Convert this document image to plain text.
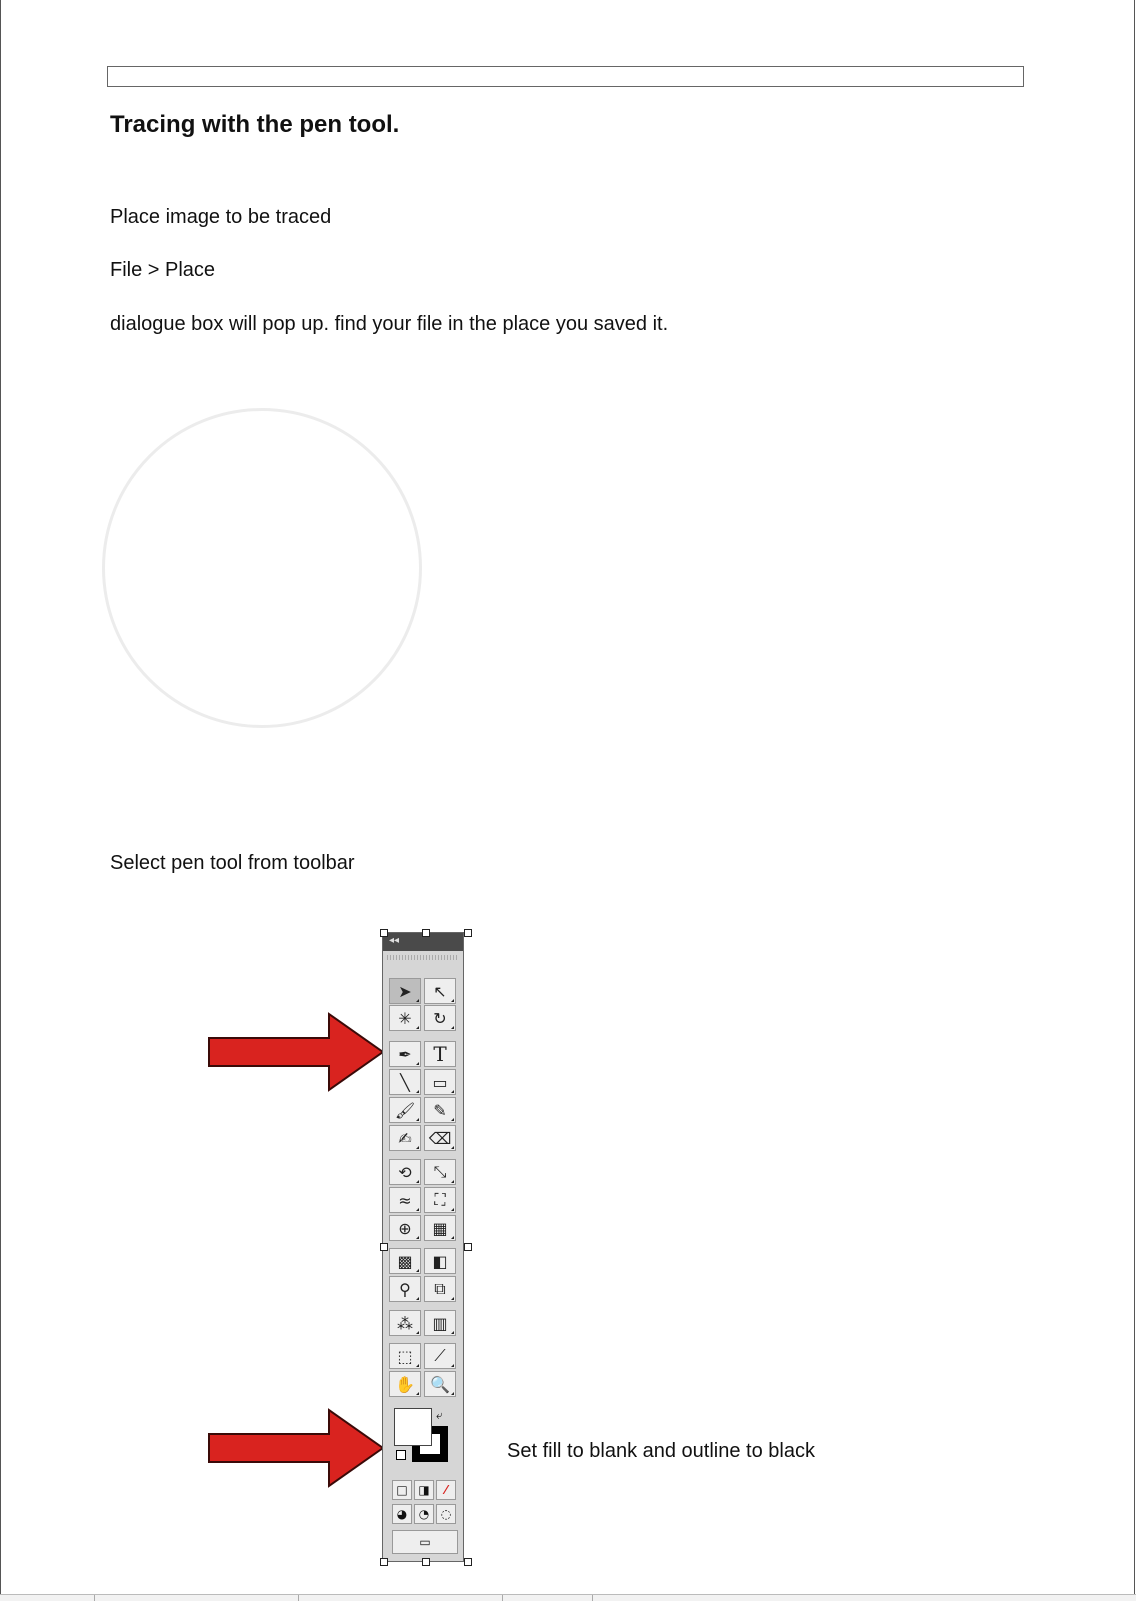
Tracing with the pen tool.

Place image to be traced

File > Place

dialogue box will pop up. find your file in the place you saved it.

Select pen tool from toolbar

◂◂
➤	↖
✳	↻
✒	T
╲	▭
🖌	✎
✍	⌫
⟲	⤡
≈	⛶
⊕	▦
▩	◧
⚲	⧉
⁂	▥
⬚	⟋
✋ 🔍
□ ◨	⁄
◕ ◔ ◌
▭
⤶

Set fill to blank and outline to black
